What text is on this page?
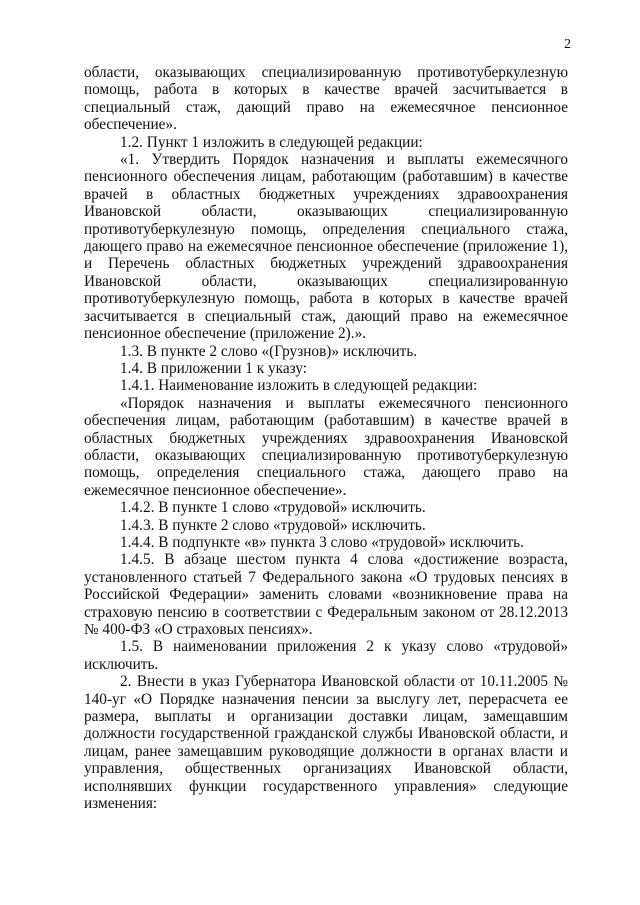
2

области, оказывающих специализированную противотуберкулезную помощь, работа в которых в качестве врачей засчитывается в специальный стаж, дающий право на ежемесячное пенсионное обеспечение».

1.2. Пункт 1 изложить в следующей редакции:

«1. Утвердить Порядок назначения и выплаты ежемесячного пенсионного обеспечения лицам, работающим (работавшим) в качестве врачей в областных бюджетных учреждениях здравоохранения Ивановской области, оказывающих специализированную противотуберкулезную помощь, определения специального стажа, дающего право на ежемесячное пенсионное обеспечение (приложение 1), и Перечень областных бюджетных учреждений здравоохранения Ивановской области, оказывающих специализированную противотуберкулезную помощь, работа в которых в качестве врачей засчитывается в специальный стаж, дающий право на ежемесячное пенсионное обеспечение (приложение 2).».

1.3. В пункте 2 слово «(Грузнов)» исключить.

1.4. В приложении 1 к указу:

1.4.1. Наименование изложить в следующей редакции:

«Порядок назначения и выплаты ежемесячного пенсионного обеспечения лицам, работающим (работавшим) в качестве врачей в областных бюджетных учреждениях здравоохранения Ивановской области, оказывающих специализированную противотуберкулезную помощь, определения специального стажа, дающего право на ежемесячное пенсионное обеспечение».

1.4.2. В пункте 1 слово «трудовой» исключить.

1.4.3. В пункте 2 слово «трудовой» исключить.

1.4.4. В подпункте «в» пункта 3 слово «трудовой» исключить.

1.4.5. В абзаце шестом пункта 4 слова «достижение возраста, установленного статьей 7 Федерального закона «О трудовых пенсиях в Российской Федерации» заменить словами «возникновение права на страховую пенсию в соответствии с Федеральным законом от 28.12.2013 № 400-ФЗ «О страховых пенсиях».

1.5. В наименовании приложения 2 к указу слово «трудовой» исключить.

2. Внести в указ Губернатора Ивановской области от 10.11.2005 № 140-уг «О Порядке назначения пенсии за выслугу лет, перерасчета ее размера, выплаты и организации доставки лицам, замещавшим должности государственной гражданской службы Ивановской области, и лицам, ранее замещавшим руководящие должности в органах власти и управления, общественных организациях Ивановской области, исполнявших функции государственного управления» следующие изменения:
